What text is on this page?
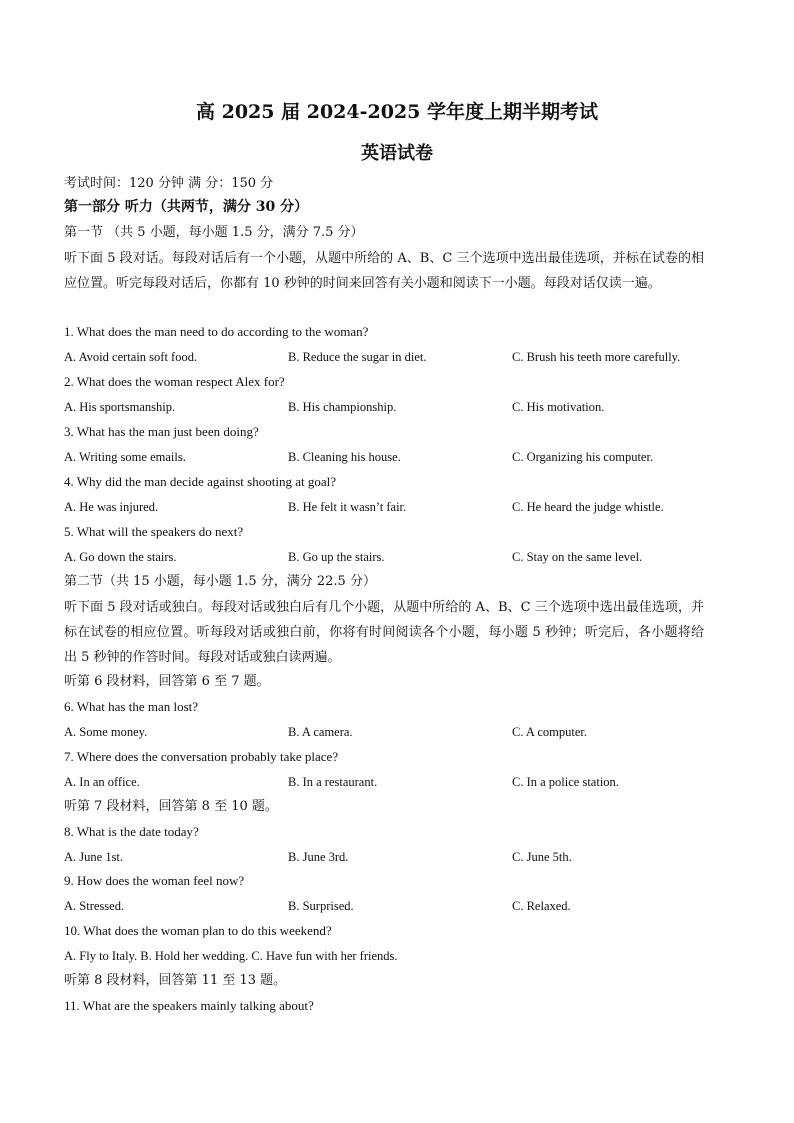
高 2025 届 2024-2025 学年度上期半期考试
英语试卷
考试时间：120 分钟 满 分：150 分
第一部分 听力（共两节，满分 30 分）
第一节 （共 5 小题，每小题 1.5 分，满分 7.5 分）
听下面 5 段对话。每段对话后有一个小题，从题中所给的 A、B、C 三个选项中选出最佳选项，并标在试卷的相应位置。听完每段对话后，你都有 10 秒钟的时间来回答有关小题和阅读下一小题。每段对话仅读一遍。
1. What does the man need to do according to the woman?
A. Avoid certain soft food.	B. Reduce the sugar in diet.	C. Brush his teeth more carefully.
2. What does the woman respect Alex for?
A. His sportsmanship.	B. His championship.	C. His motivation.
3. What has the man just been doing?
A. Writing some emails.	B. Cleaning his house.	C. Organizing his computer.
4. Why did the man decide against shooting at goal?
A. He was injured.	B. He felt it wasn’t fair.	C. He heard the judge whistle.
5. What will the speakers do next?
A. Go down the stairs.	B. Go up the stairs.	C. Stay on the same level.
第二节（共 15 小题，每小题 1.5 分，满分 22.5 分）
听下面 5 段对话或独白。每段对话或独白后有几个小题，从题中所给的 A、B、C 三个选项中选出最佳选项，并标在试卷的相应位置。听每段对话或独白前，你将有时间阅读各个小题，每小题 5 秒钟；听完后，各小题将给出 5 秒钟的作答时间。每段对话或独白读两遍。
听第 6 段材料，回答第 6 至 7 题。
6. What has the man lost?
A. Some money.	B. A camera.	C. A computer.
7. Where does the conversation probably take place?
A. In an office.	B. In a restaurant.	C. In a police station.
听第 7 段材料，回答第 8 至 10 题。
8. What is the date today?
A. June 1st.	B. June 3rd.	C. June 5th.
9. How does the woman feel now?
A. Stressed.	B. Surprised.	C. Relaxed.
10. What does the woman plan to do this weekend?
A. Fly to Italy. B. Hold her wedding. C. Have fun with her friends.
听第 8 段材料，回答第 11 至 13 题。
11. What are the speakers mainly talking about?
